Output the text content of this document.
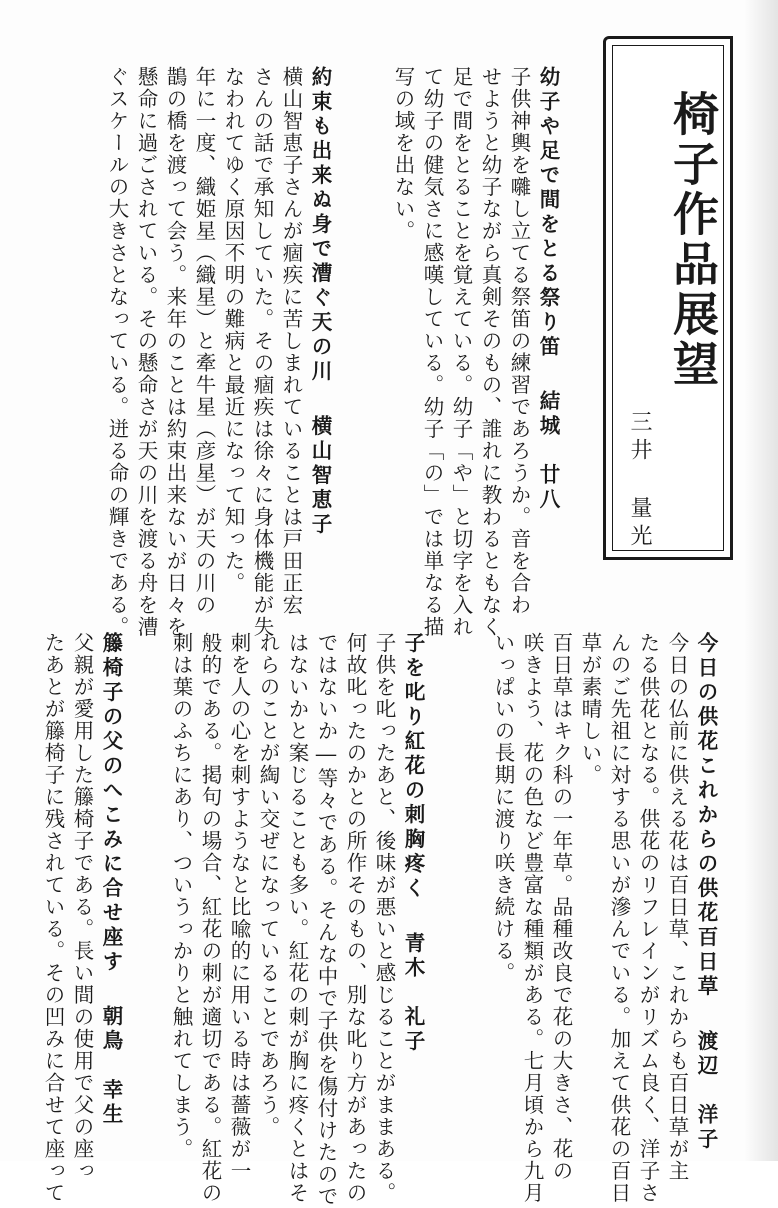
椅子作品展望
三井量光
幼子や足で間をとる祭り笛結城　廿八
子供神輿を囃し立てる祭笛の練習であろうか。音を合わ
せようと幼子ながら真剣そのもの、誰れに教わるともなく
足で間をとることを覚えている。幼子「や」と切字を入れ
て幼子の健気さに感嘆している。幼子「の」では単なる描
写の域を出ない。
約束も出来ぬ身で漕ぐ天の川横山智恵子
横山智恵子さんが痼疾に苦しまれていることは戸田正宏
さんの話で承知していた。その痼疾は徐々に身体機能が失
なわれてゆく原因不明の難病と最近になって知った。
年に一度、織姫星（織星）と牽牛星（彦星）が天の川の
鵲の橋を渡って会う。来年のことは約束出来ないが日々を
懸命に過ごされている。その懸命さが天の川を渡る舟を漕
ぐスケールの大きさとなっている。迸る命の輝きである。
今日の供花これからの供花百日草渡辺　洋子
今日の仏前に供える花は百日草、これからも百日草が主
たる供花となる。供花のリフレインがリズム良く、洋子さ
んのご先祖に対する思いが滲んでいる。加えて供花の百日
草が素晴しい。
百日草はキク科の一年草。品種改良で花の大きさ、花の
咲きよう、花の色など豊富な種類がある。七月頃から九月
いっぱいの長期に渡り咲き続ける。
子を叱り紅花の刺胸疼く青木　礼子
子供を叱ったあと、後味が悪いと感じることがままある。
何故叱ったのかとの所作そのもの、別な叱り方があったの
ではないか―等々である。そんな中で子供を傷付けたので
はないかと案じることも多い。紅花の刺が胸に疼くとはそ
れらのことが綯い交ぜになっていることであろう。
刺を人の心を刺すようなと比喩的に用いる時は薔薇が一
般的である。掲句の場合、紅花の刺が適切である。紅花の
刺は葉のふちにあり、ついうっかりと触れてしまう。
籐椅子の父のへこみに合せ座す朝鳥　幸生
父親が愛用した籐椅子である。長い間の使用で父の座っ
たあとが籐椅子に残されている。その凹みに合せて座って
